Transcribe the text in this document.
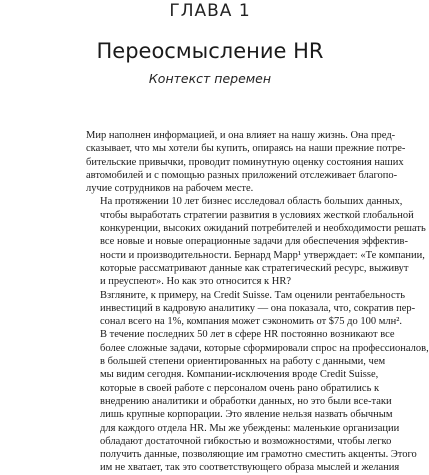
ГЛАВА 1
Переосмысление HR

Контекст перемен

Мир наполнен информацией, и она влияет на нашу жизнь. Она пред-
сказывает, что мы хотели бы купить, опираясь на наши прежние потре-
бительские привычки, проводит поминутную оценку состояния наших
автомобилей и с помощью разных приложений отслеживает благопо-
лучие сотрудников на рабочем месте.

На протяжении 10 лет бизнес исследовал область больших данных,
чтобы выработать стратегии развития в условиях жесткой глобальной
конкуренции, высоких ожиданий потребителей и необходимости решать
все новые и новые операционные задачи для обеспечения эффектив-
ности и производительности. Бернард Марр¹ утверждает: «Те компании,
которые рассматривают данные как стратегический ресурс, выживут
и преуспеют». Но как это относится к HR?

Взгляните, к примеру, на Credit Suisse. Там оценили рентабельность
инвестиций в кадровую аналитику — она показала, что, сократив пер-
сонал всего на 1%, компания может сэкономить от $75 до 100 млн².

В течение последних 50 лет в сфере HR постоянно возникают все
более сложные задачи, которые сформировали спрос на профессионалов,
в большей степени ориентированных на работу с данными, чем
мы видим сегодня. Компании-исключения вроде Credit Suisse,
которые в своей работе с персоналом очень рано обратились к
внедрению аналитики и обработки данных, но это были все-таки
лишь крупные корпорации. Это явление нельзя назвать обычным
для каждого отдела HR. Мы же убеждены: маленькие организации
обладают достаточной гибкостью и возможностями, чтобы легко
получить данные, позволяющие им грамотно сместить акценты. Этого
им не хватает, так это соответствующего образа мыслей и желания
